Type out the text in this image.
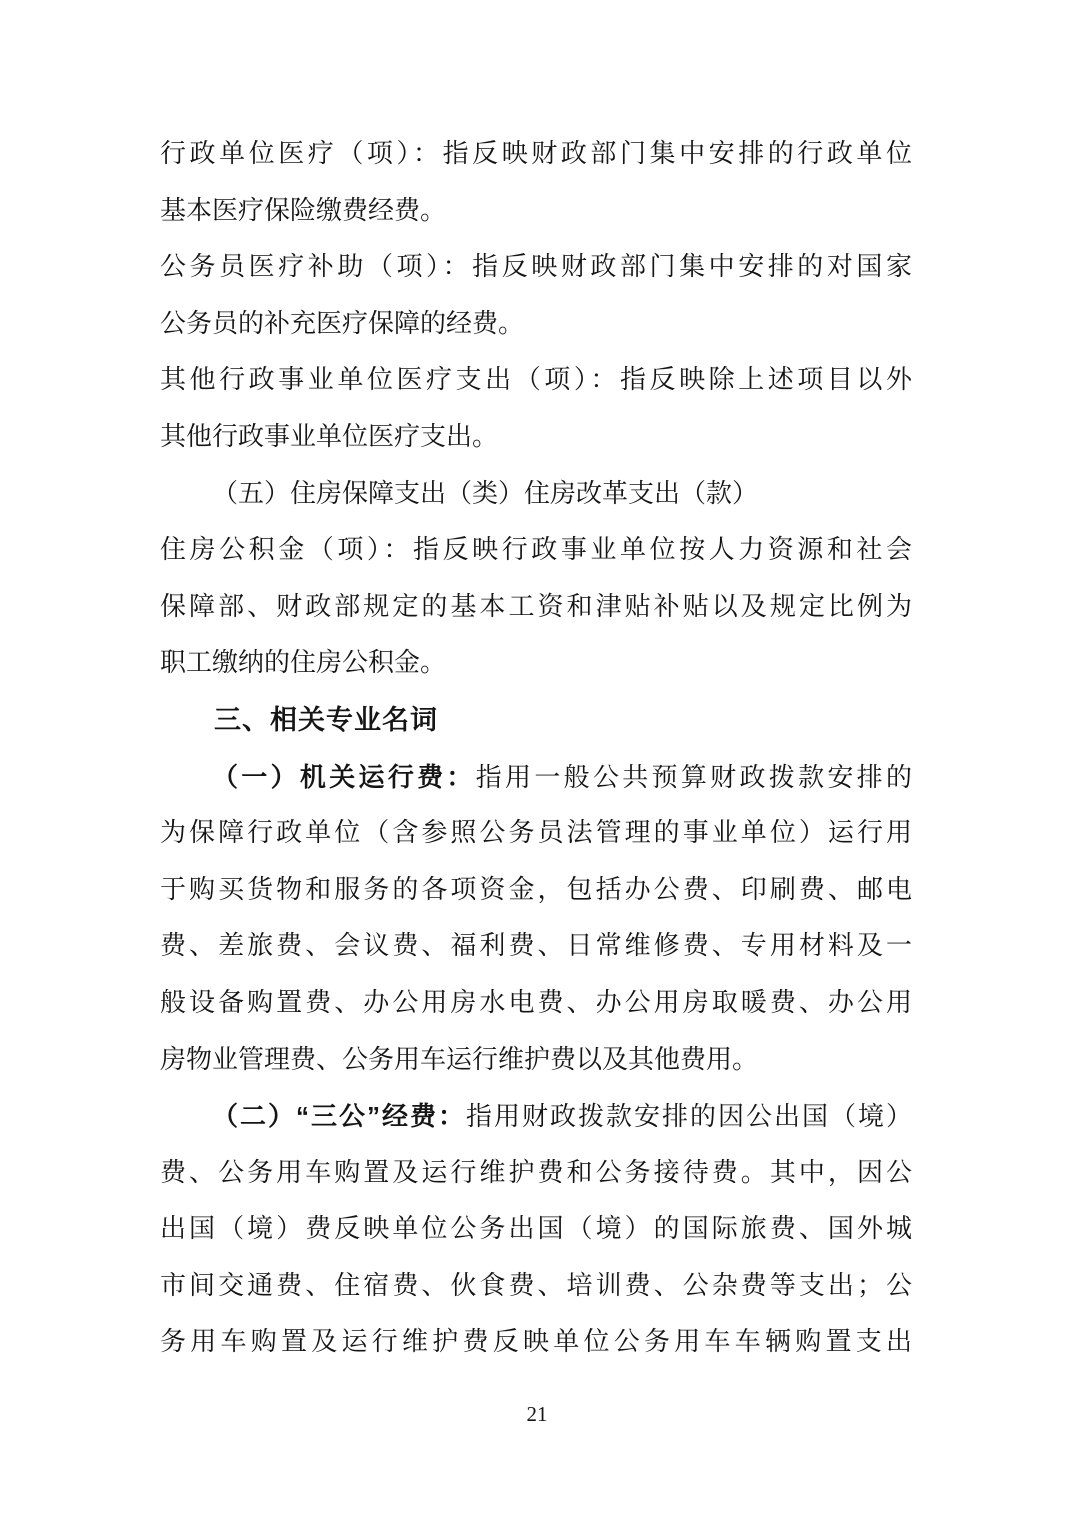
行政单位医疗（项）：指反映财政部门集中安排的行政单位
基本医疗保险缴费经费。
公务员医疗补助（项）：指反映财政部门集中安排的对国家
公务员的补充医疗保障的经费。
其他行政事业单位医疗支出（项）：指反映除上述项目以外
其他行政事业单位医疗支出。
（五）住房保障支出（类）住房改革支出（款）
住房公积金（项）：指反映行政事业单位按人力资源和社会
保障部、财政部规定的基本工资和津贴补贴以及规定比例为
职工缴纳的住房公积金。
三、相关专业名词
（一）机关运行费：指用一般公共预算财政拨款安排的
为保障行政单位（含参照公务员法管理的事业单位）运行用
于购买货物和服务的各项资金，包括办公费、印刷费、邮电
费、差旅费、会议费、福利费、日常维修费、专用材料及一
般设备购置费、办公用房水电费、办公用房取暖费、办公用
房物业管理费、公务用车运行维护费以及其他费用。
（二）“三公”经费：指用财政拨款安排的因公出国（境）
费、公务用车购置及运行维护费和公务接待费。其中，因公
出国（境）费反映单位公务出国（境）的国际旅费、国外城
市间交通费、住宿费、伙食费、培训费、公杂费等支出；公
务用车购置及运行维护费反映单位公务用车车辆购置支出
21
